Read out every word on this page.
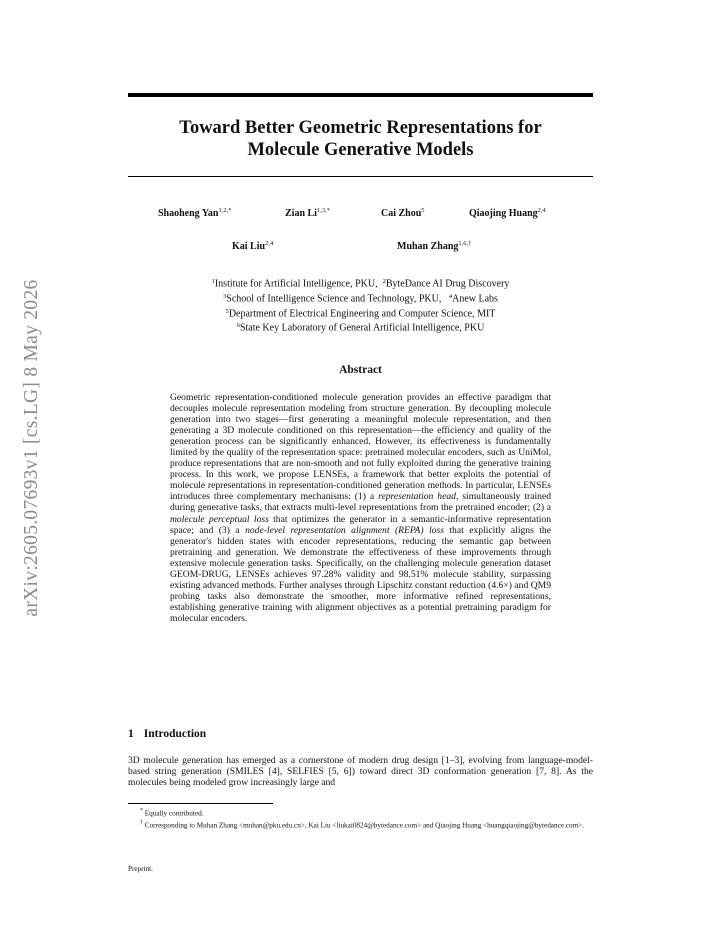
arXiv:2605.07693v1 [cs.LG] 8 May 2026
Toward Better Geometric Representations for
Molecule Generative Models
Shaoheng Yan$^{1,2,*}$	Zian $Li^{1,3,*}$	Cai Zhou$^5$	Qiaojing Huang$^{2,4}$
Kai Liu$^{2,4}$	Muhan Zhang$^{1,6,\dagger}$
$^1$Institute for Artificial Intelligence, PKU, $^2$ByteDance AI Drug Discovery
$^3$School of Intelligence Science and Technology, PKU, $^4$Anew Labs
$^5$Department of Electrical Engineering and Computer Science, MIT
$^6$State Key Laboratory of General Artificial Intelligence, PKU
Abstract
Geometric representation-conditioned molecule generation provides an effective paradigm that decouples molecule representation modeling from structure generation. By decoupling molecule generation into two stages—first generating a meaningful molecule representation, and then generating a 3D molecule conditioned on this representation—the efficiency and quality of the generation process can be significantly enhanced. However, its effectiveness is fundamentally limited by the quality of the representation space: pretrained molecular encoders, such as UniMol, produce representations that are non-smooth and not fully exploited during the generative training process. In this work, we propose LENSEs, a framework that better exploits the potential of molecule representations in representation-conditioned generation methods. In particular, LENSEs introduces three complementary mechanisms: (1) a representation head, simultaneously trained during generative tasks, that extracts multi-level representations from the pretrained encoder; (2) a molecule perceptual loss that optimizes the generator in a semantic-informative representation space; and (3) a node-level representation alignment (REPA) loss that explicitly aligns the generator's hidden states with encoder representations, reducing the semantic gap between pretraining and generation. We demonstrate the effectiveness of these improvements through extensive molecule generation tasks. Specifically, on the challenging molecule generation dataset GEOM-DRUG, LENSEs achieves 97.28% validity and 98.51% molecule stability, surpassing existing advanced methods. Further analyses through Lipschitz constant reduction (4.6×) and QM9 probing tasks also demonstrate the smoother, more informative refined representations, establishing generative training with alignment objectives as a potential pretraining paradigm for molecular encoders.
1 Introduction
3D molecule generation has emerged as a cornerstone of modern drug design [1–3], evolving from language-model-based string generation (SMILES [4], SELFIES [5, 6]) toward direct 3D conformation generation [7, 8]. As the molecules being modeled grow increasingly large and
* Equally contributed.
† Corresponding to Muhan Zhang <muhan@pku.edu.cn>, Kai Liu <liukai0824@bytedance.com> and Qiaojing Huang <huangqiaojing@bytedance.com>.
Preprint.
